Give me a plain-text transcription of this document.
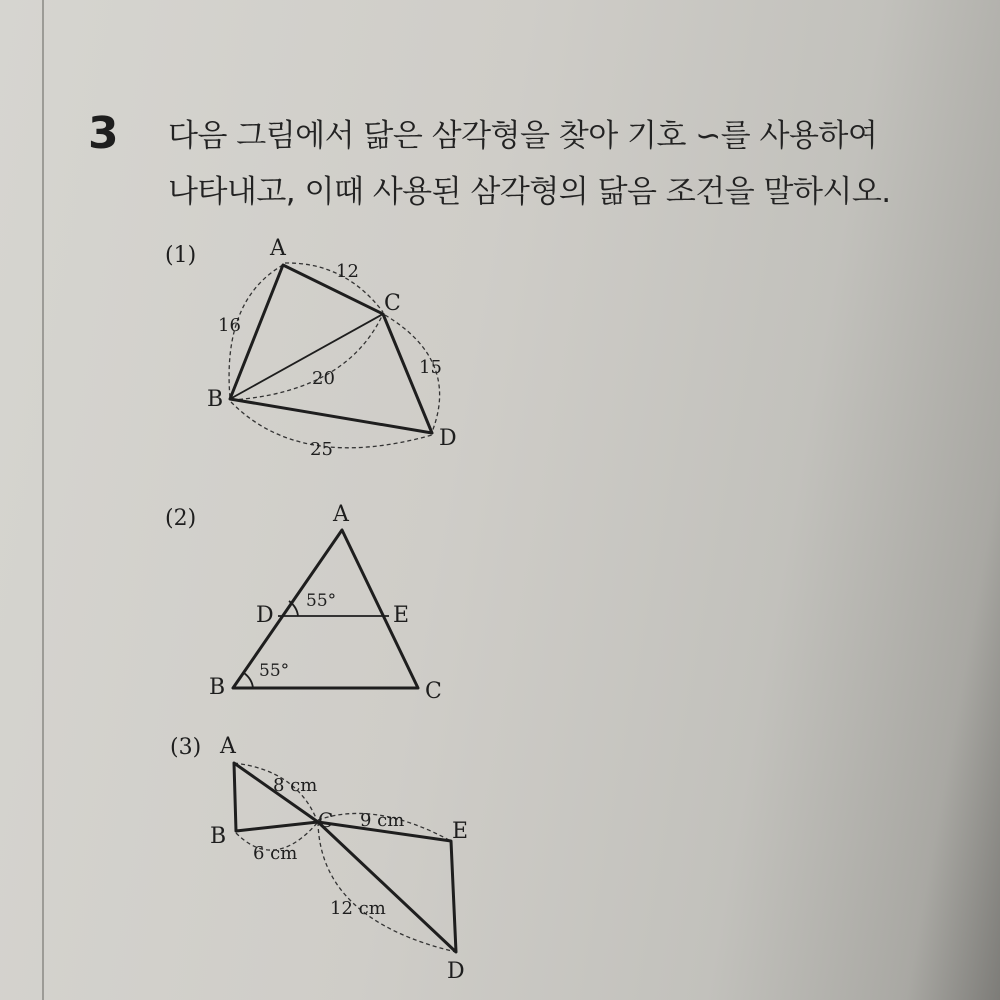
3 다음 그림에서 닮은 삼각형을 찾아 기호 ∽를 사용하여
나타내고, 이때 사용된 삼각형의 닮음 조건을 말하시오.
(1)	A
C
B
D
12
16
15
20
25
(2)	A
D	E
B	C
55°
55°
(3) A
B
C	E
D
8 cm
9 cm
6 cm
12 cm
